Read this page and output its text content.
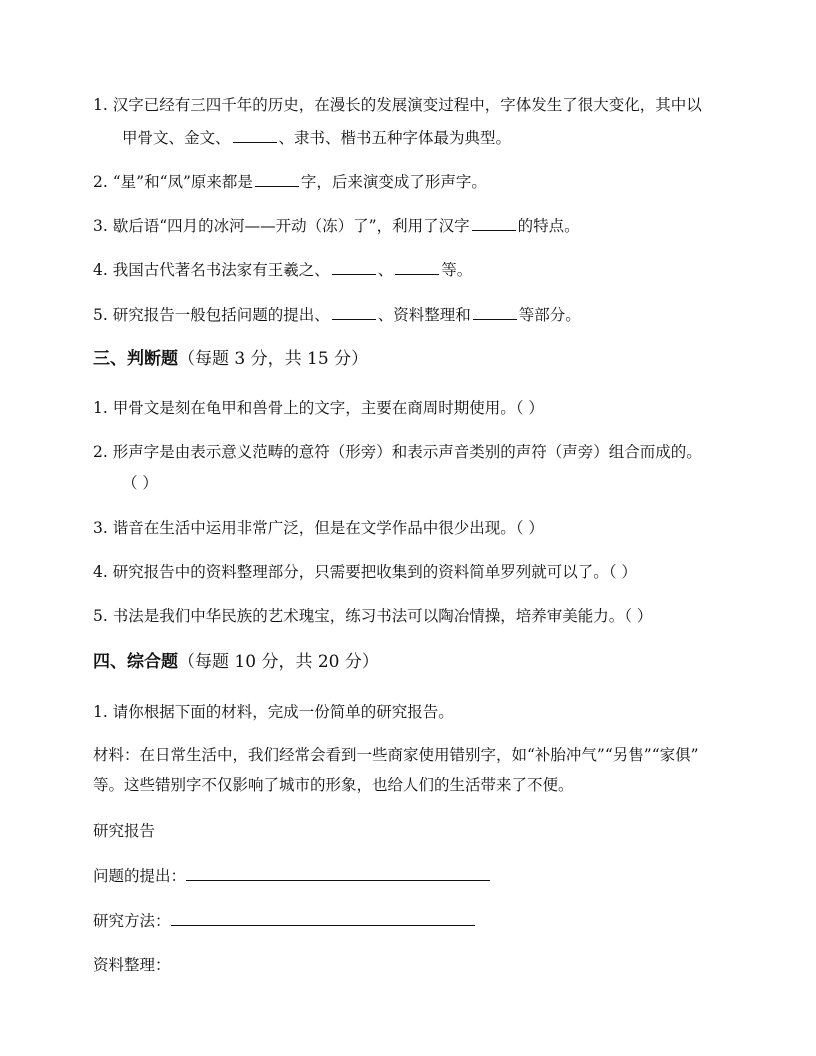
1. 汉字已经有三四千年的历史，在漫长的发展演变过程中，字体发生了很大变化，其中以
甲骨文、金文、	、隶书、楷书五种字体最为典型。
2. “星”和“凤”原来都是	字，后来演变成了形声字。
3. 歇后语“四月的冰河——开动（冻）了”，利用了汉字	的特点。
4. 我国古代著名书法家有王羲之、	、	等。
5. 研究报告一般包括问题的提出、	、资料整理和	等部分。
三、判断题（每题 3 分，共 15 分）
1. 甲骨文是刻在龟甲和兽骨上的文字，主要在商周时期使用。（ ）
2. 形声字是由表示意义范畴的意符（形旁）和表示声音类别的声符（声旁）组合而成的。
（ ）
3. 谐音在生活中运用非常广泛，但是在文学作品中很少出现。（ ）
4. 研究报告中的资料整理部分，只需要把收集到的资料简单罗列就可以了。（ ）
5. 书法是我们中华民族的艺术瑰宝，练习书法可以陶冶情操，培养审美能力。（ ）
四、综合题（每题 10 分，共 20 分）
1. 请你根据下面的材料，完成一份简单的研究报告。
材料：在日常生活中，我们经常会看到一些商家使用错别字，如“补胎冲气”“另售”“家俱”
等。这些错别字不仅影响了城市的形象，也给人们的生活带来了不便。
研究报告
问题的提出：
研究方法：
资料整理：
